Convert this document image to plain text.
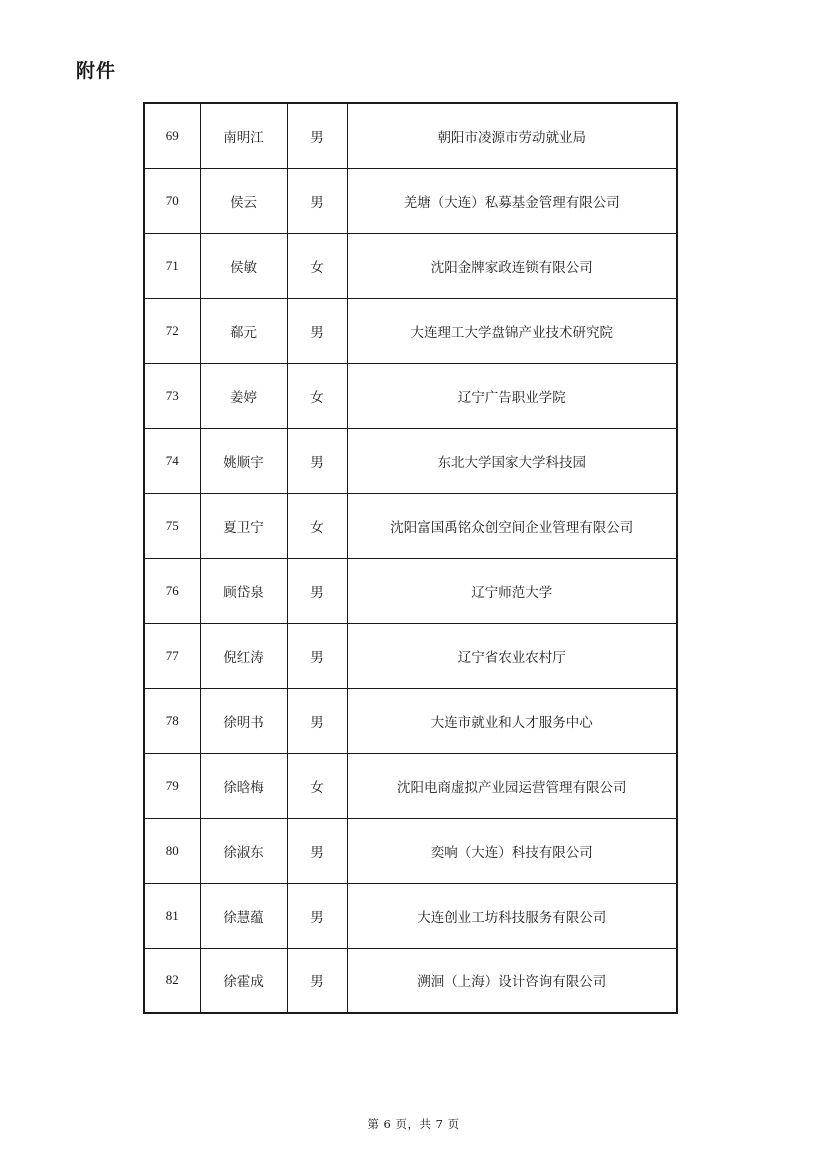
附件
69	南明江	男	朝阳市凌源市劳动就业局
70	侯云	男	羌塘（大连）私募基金管理有限公司
71	侯敏	女	沈阳金牌家政连锁有限公司
72	郗元	男	大连理工大学盘锦产业技术研究院
73	姜婷	女	辽宁广告职业学院
74	姚顺宇	男	东北大学国家大学科技园
75	夏卫宁	女	沈阳富国禹铭众创空间企业管理有限公司
76	顾岱泉	男	辽宁师范大学
77	倪红涛	男	辽宁省农业农村厅
78	徐明书	男	大连市就业和人才服务中心
79	徐晗梅	女	沈阳电商虚拟产业园运营管理有限公司
80	徐淑东	男	奕响（大连）科技有限公司
81	徐慧蕴	男	大连创业工坊科技服务有限公司
82	徐霍成	男	溯洄（上海）设计咨询有限公司
第 6 页，共 7 页
